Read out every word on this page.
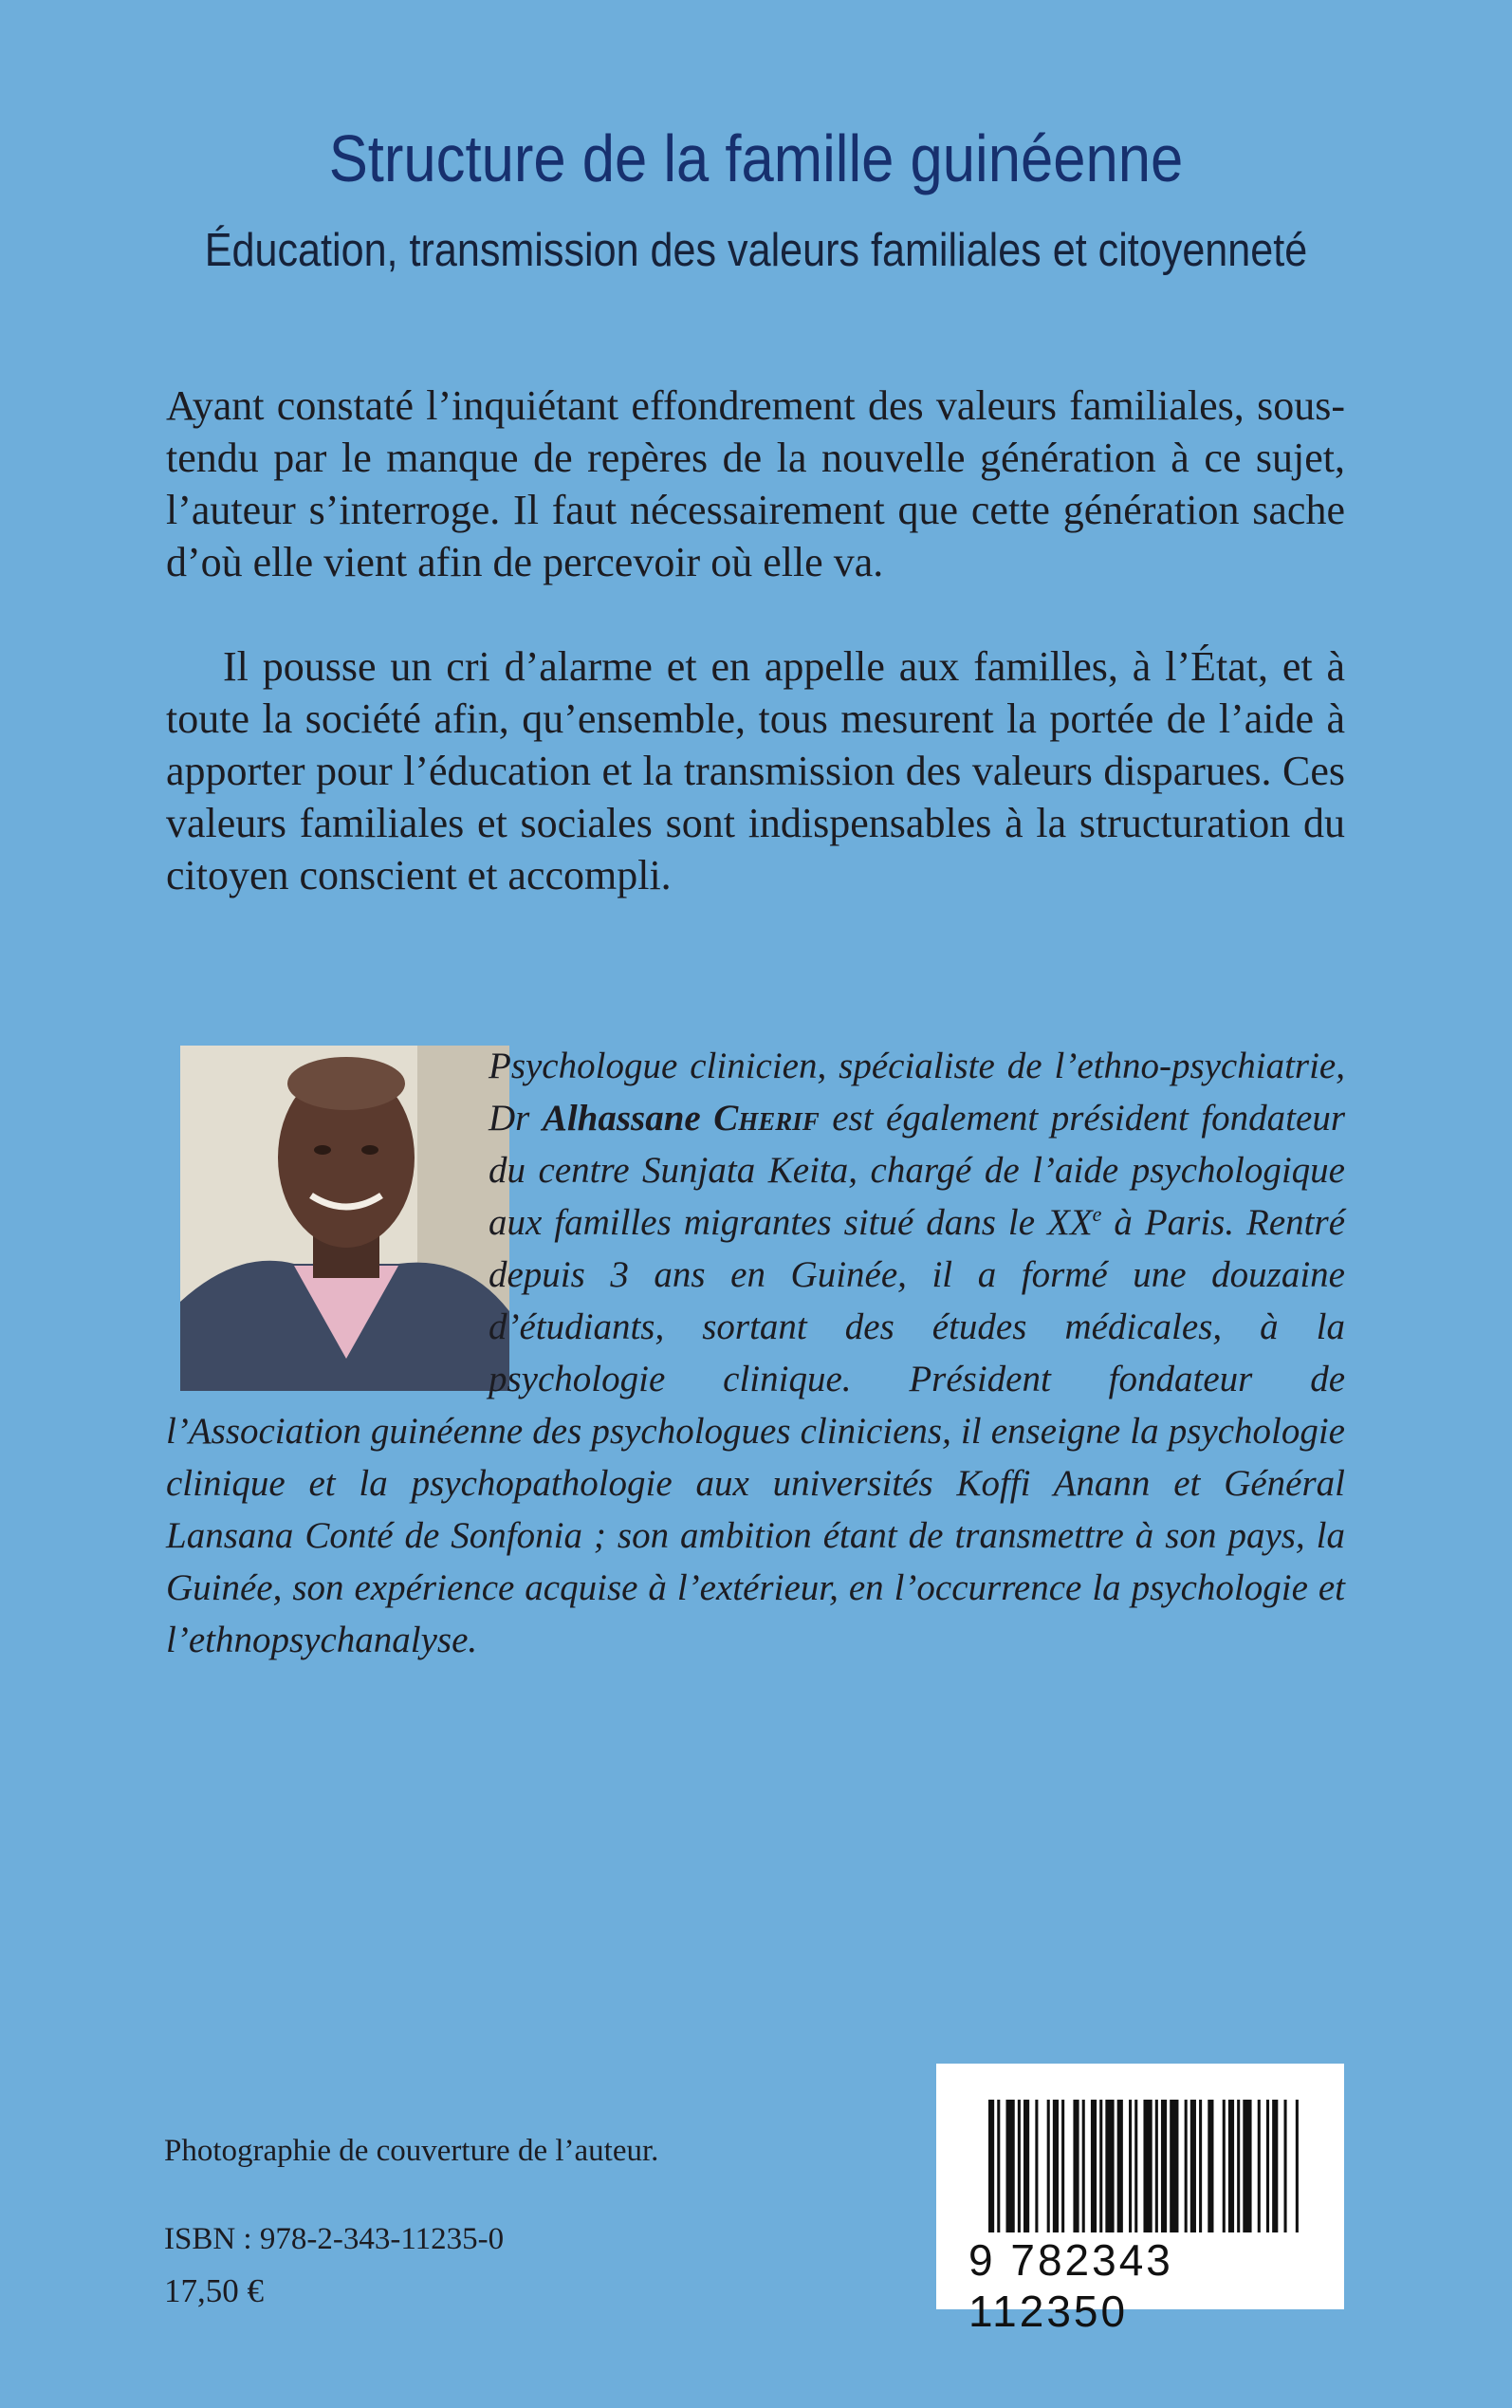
Structure de la famille guinéenne
Éducation, transmission des valeurs familiales et citoyenneté

Ayant constaté l’inquiétant effondrement des valeurs familiales, sous-tendu par le manque de repères de la nouvelle génération à ce sujet, l’auteur s’interroge. Il faut nécessairement que cette génération sache d’où elle vient afin de percevoir où elle va.

Il pousse un cri d’alarme et en appelle aux familles, à l’État, et à toute la société afin, qu’ensemble, tous mesurent la portée de l’aide à apporter pour l’éducation et la transmission des valeurs disparues. Ces valeurs familiales et sociales sont indispensables à la structuration du citoyen conscient et accompli.

Psychologue clinicien, spécialiste de l’ethno-psychiatrie, Dr Alhassane Cherif est également président fondateur du centre Sunjata Keita, chargé de l’aide psychologique aux familles migrantes situé dans le XXe à Paris. Rentré depuis 3 ans en Guinée, il a formé une douzaine d’étudiants, sortant des études médicales, à la psychologie clinique. Président fondateur de l’Association guinéenne des psychologues cliniciens, il enseigne la psychologie clinique et la psychopathologie aux universités Koffi Anann et Général Lansana Conté de Sonfonia ; son ambition étant de transmettre à son pays, la Guinée, son expérience acquise à l’extérieur, en l’occurrence la psychologie et l’ethnopsychanalyse.

Photographie de couverture de l’auteur.
ISBN : 978-2-343-11235-0
17,50 €
9 782343 112350
